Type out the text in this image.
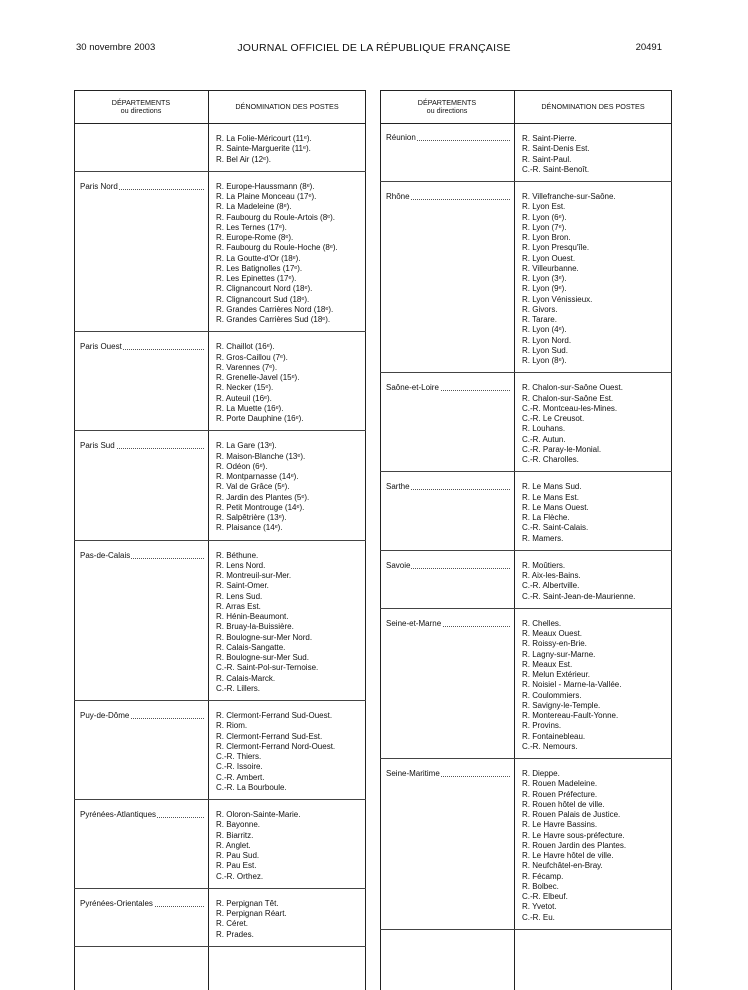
30 novembre 2003	JOURNAL OFFICIEL DE LA RÉPUBLIQUE FRANÇAISE	20491
DÉPARTEMENTS
ou directions	DÉNOMINATION DES POSTES
R. La Folie-Méricourt (11ᵉ).
R. Sainte-Marguerite (11ᵉ).
R. Bel Air (12ᵉ).
Paris Nord	R. Europe-Haussmann (8ᵉ).
R. La Plaine Monceau (17ᵉ).
R. La Madeleine (8ᵉ).
R. Faubourg du Roule-Artois (8ᵉ).
R. Les Ternes (17ᵉ).
R. Europe-Rome (8ᵉ).
R. Faubourg du Roule-Hoche (8ᵉ).
R. La Goutte-d'Or (18ᵉ).
R. Les Batignolles (17ᵉ).
R. Les Epinettes (17ᵉ).
R. Clignancourt Nord (18ᵉ).
R. Clignancourt Sud (18ᵉ).
R. Grandes Carrières Nord (18ᵉ).
R. Grandes Carrières Sud (18ᵉ).
Paris Ouest	R. Chaillot (16ᵉ).
R. Gros-Caillou (7ᵉ).
R. Varennes (7ᵉ).
R. Grenelle-Javel (15ᵉ).
R. Necker (15ᵉ).
R. Auteuil (16ᵉ).
R. La Muette (16ᵉ).
R. Porte Dauphine (16ᵉ).
Paris Sud	R. La Gare (13ᵉ).
R. Maison-Blanche (13ᵉ).
R. Odéon (6ᵉ).
R. Montparnasse (14ᵉ).
R. Val de Grâce (5ᵉ).
R. Jardin des Plantes (5ᵉ).
R. Petit Montrouge (14ᵉ).
R. Salpêtrière (13ᵉ).
R. Plaisance (14ᵉ).
Pas-de-Calais	R. Béthune.
R. Lens Nord.
R. Montreuil-sur-Mer.
R. Saint-Omer.
R. Lens Sud.
R. Arras Est.
R. Hénin-Beaumont.
R. Bruay-la-Buissière.
R. Boulogne-sur-Mer Nord.
R. Calais-Sangatte.
R. Boulogne-sur-Mer Sud.
C.-R. Saint-Pol-sur-Ternoise.
R. Calais-Marck.
C.-R. Lillers.
Puy-de-Dôme	R. Clermont-Ferrand Sud-Ouest.
R. Riom.
R. Clermont-Ferrand Sud-Est.
R. Clermont-Ferrand Nord-Ouest.
C.-R. Thiers.
C.-R. Issoire.
C.-R. Ambert.
C.-R. La Bourboule.
Pyrénées-Atlantiques	R. Oloron-Sainte-Marie.
R. Bayonne.
R. Biarritz.
R. Anglet.
R. Pau Sud.
R. Pau Est.
C.-R. Orthez.
Pyrénées-Orientales	R. Perpignan Têt.
R. Perpignan Réart.
R. Céret.
R. Prades.
DÉPARTEMENTS
ou directions	DÉNOMINATION DES POSTES
Réunion	R. Saint-Pierre.
R. Saint-Denis Est.
R. Saint-Paul.
C.-R. Saint-Benoît.
Rhône	R. Villefranche-sur-Saône.
R. Lyon Est.
R. Lyon (6ᵉ).
R. Lyon (7ᵉ).
R. Lyon Bron.
R. Lyon Presqu'île.
R. Lyon Ouest.
R. Villeurbanne.
R. Lyon (3ᵉ).
R. Lyon (9ᵉ).
R. Lyon Vénissieux.
R. Givors.
R. Tarare.
R. Lyon (4ᵉ).
R. Lyon Nord.
R. Lyon Sud.
R. Lyon (8ᵉ).
Saône-et-Loire	R. Chalon-sur-Saône Ouest.
R. Chalon-sur-Saône Est.
C.-R. Montceau-les-Mines.
C.-R. Le Creusot.
R. Louhans.
C.-R. Autun.
C.-R. Paray-le-Monial.
C.-R. Charolles.
Sarthe	R. Le Mans Sud.
R. Le Mans Est.
R. Le Mans Ouest.
R. La Flèche.
C.-R. Saint-Calais.
R. Mamers.
Savoie	R. Moûtiers.
R. Aix-les-Bains.
C.-R. Albertville.
C.-R. Saint-Jean-de-Maurienne.
Seine-et-Marne	R. Chelles.
R. Meaux Ouest.
R. Roissy-en-Brie.
R. Lagny-sur-Marne.
R. Meaux Est.
R. Melun Extérieur.
R. Noisiel - Marne-la-Vallée.
R. Coulommiers.
R. Savigny-le-Temple.
R. Montereau-Fault-Yonne.
R. Provins.
R. Fontainebleau.
C.-R. Nemours.
Seine-Maritime	R. Dieppe.
R. Rouen Madeleine.
R. Rouen Préfecture.
R. Rouen hôtel de ville.
R. Rouen Palais de Justice.
R. Le Havre Bassins.
R. Le Havre sous-préfecture.
R. Rouen Jardin des Plantes.
R. Le Havre hôtel de ville.
R. Neufchâtel-en-Bray.
R. Fécamp.
R. Bolbec.
C.-R. Elbeuf.
R. Yvetot.
C.-R. Eu.
